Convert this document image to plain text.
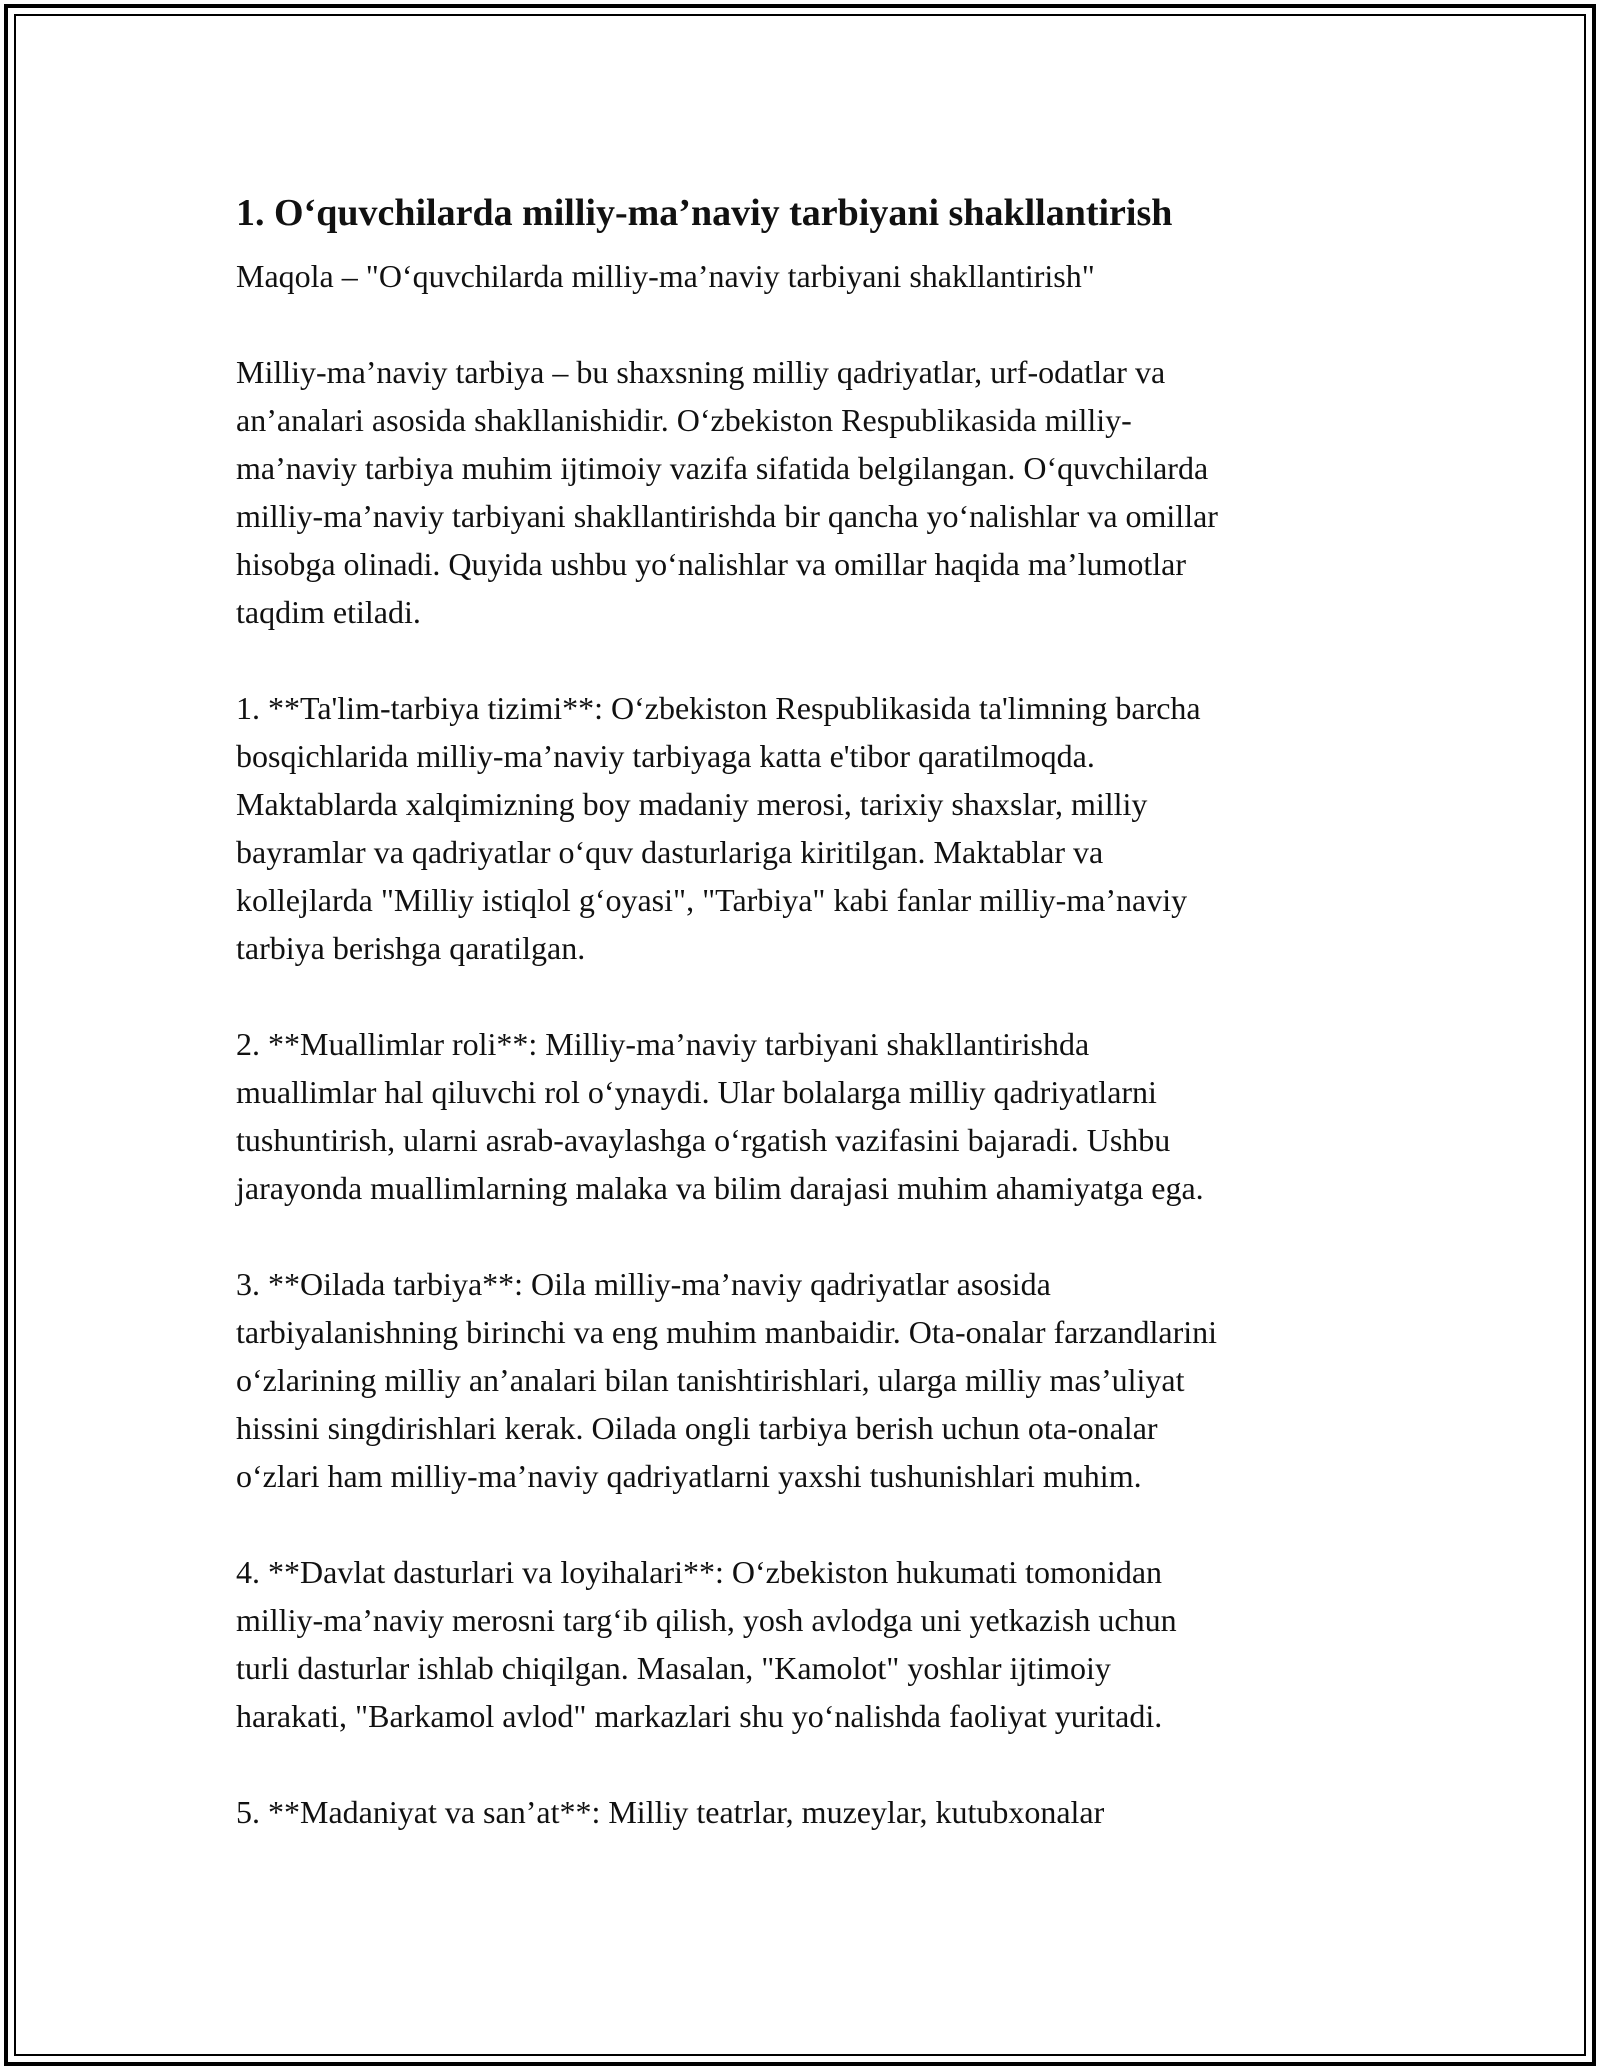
1. O‘quvchilarda milliy-ma’naviy tarbiyani shakllantirish
Maqola – "O‘quvchilarda milliy-ma’naviy tarbiyani shakllantirish"
Milliy-ma’naviy tarbiya – bu shaxsning milliy qadriyatlar, urf-odatlar va
an’analari asosida shakllanishidir. O‘zbekiston Respublikasida milliy-
ma’naviy tarbiya muhim ijtimoiy vazifa sifatida belgilangan. O‘quvchilarda
milliy-ma’naviy tarbiyani shakllantirishda bir qancha yo‘nalishlar va omillar
hisobga olinadi. Quyida ushbu yo‘nalishlar va omillar haqida ma’lumotlar
taqdim etiladi.
1. **Ta'lim-tarbiya tizimi**: O‘zbekiston Respublikasida ta'limning barcha
bosqichlarida milliy-ma’naviy tarbiyaga katta e'tibor qaratilmoqda.
Maktablarda xalqimizning boy madaniy merosi, tarixiy shaxslar, milliy
bayramlar va qadriyatlar o‘quv dasturlariga kiritilgan. Maktablar va
kollejlarda "Milliy istiqlol g‘oyasi", "Tarbiya" kabi fanlar milliy-ma’naviy
tarbiya berishga qaratilgan.
2. **Muallimlar roli**: Milliy-ma’naviy tarbiyani shakllantirishda
muallimlar hal qiluvchi rol o‘ynaydi. Ular bolalarga milliy qadriyatlarni
tushuntirish, ularni asrab-avaylashga o‘rgatish vazifasini bajaradi. Ushbu
jarayonda muallimlarning malaka va bilim darajasi muhim ahamiyatga ega.
3. **Oilada tarbiya**: Oila milliy-ma’naviy qadriyatlar asosida
tarbiyalanishning birinchi va eng muhim manbaidir. Ota-onalar farzandlarini
o‘zlarining milliy an’analari bilan tanishtirishlari, ularga milliy mas’uliyat
hissini singdirishlari kerak. Oilada ongli tarbiya berish uchun ota-onalar
o‘zlari ham milliy-ma’naviy qadriyatlarni yaxshi tushunishlari muhim.
4. **Davlat dasturlari va loyihalari**: O‘zbekiston hukumati tomonidan
milliy-ma’naviy merosni targ‘ib qilish, yosh avlodga uni yetkazish uchun
turli dasturlar ishlab chiqilgan. Masalan, "Kamolot" yoshlar ijtimoiy
harakati, "Barkamol avlod" markazlari shu yo‘nalishda faoliyat yuritadi.
5. **Madaniyat va san’at**: Milliy teatrlar, muzeylar, kutubxonalar
